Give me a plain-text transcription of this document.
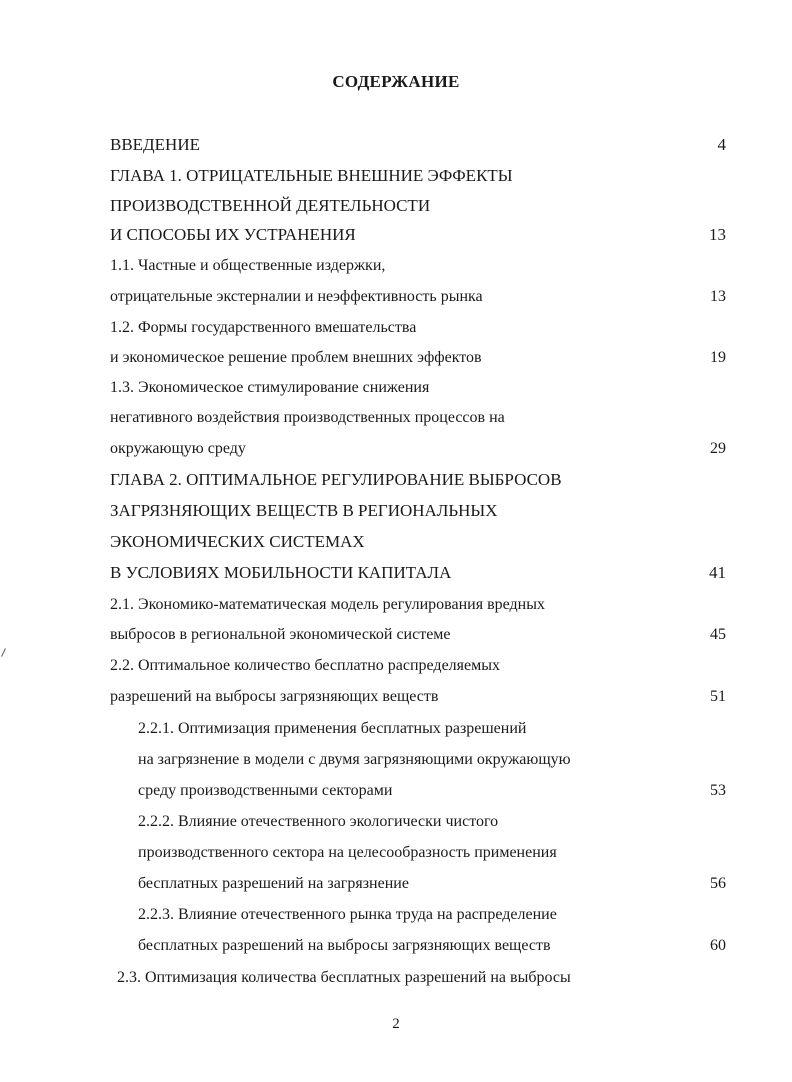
СОДЕРЖАНИЕ
ВВЕДЕНИЕ	4
ГЛАВА 1. ОТРИЦАТЕЛЬНЫЕ ВНЕШНИЕ ЭФФЕКТЫ
ПРОИЗВОДСТВЕННОЙ ДЕЯТЕЛЬНОСТИ
И СПОСОБЫ ИХ УСТРАНЕНИЯ	13
1.1. Частные и общественные издержки,
отрицательные экстерналии и неэффективность рынка	13
1.2. Формы государственного вмешательства
и экономическое решение проблем внешних эффектов	19
1.3. Экономическое стимулирование снижения
негативного воздействия производственных процессов на
окружающую среду	29
ГЛАВА 2. ОПТИМАЛЬНОЕ РЕГУЛИРОВАНИЕ ВЫБРОСОВ
ЗАГРЯЗНЯЮЩИХ ВЕЩЕСТВ В РЕГИОНАЛЬНЫХ
ЭКОНОМИЧЕСКИХ СИСТЕМАХ
В УСЛОВИЯХ МОБИЛЬНОСТИ КАПИТАЛА	41
2.1. Экономико-математическая модель регулирования вредных
выбросов в региональной экономической системе	45
2.2. Оптимальное количество бесплатно распределяемых
разрешений на выбросы загрязняющих веществ	51
2.2.1. Оптимизация применения бесплатных разрешений
на загрязнение в модели с двумя загрязняющими окружающую
среду производственными секторами	53
2.2.2. Влияние отечественного экологически чистого
производственного сектора на целесообразность применения
бесплатных разрешений на загрязнение	56
2.2.3. Влияние отечественного рынка труда на распределение
бесплатных разрешений на выбросы загрязняющих веществ	60
2.3. Оптимизация количества бесплатных разрешений на выбросы
2
